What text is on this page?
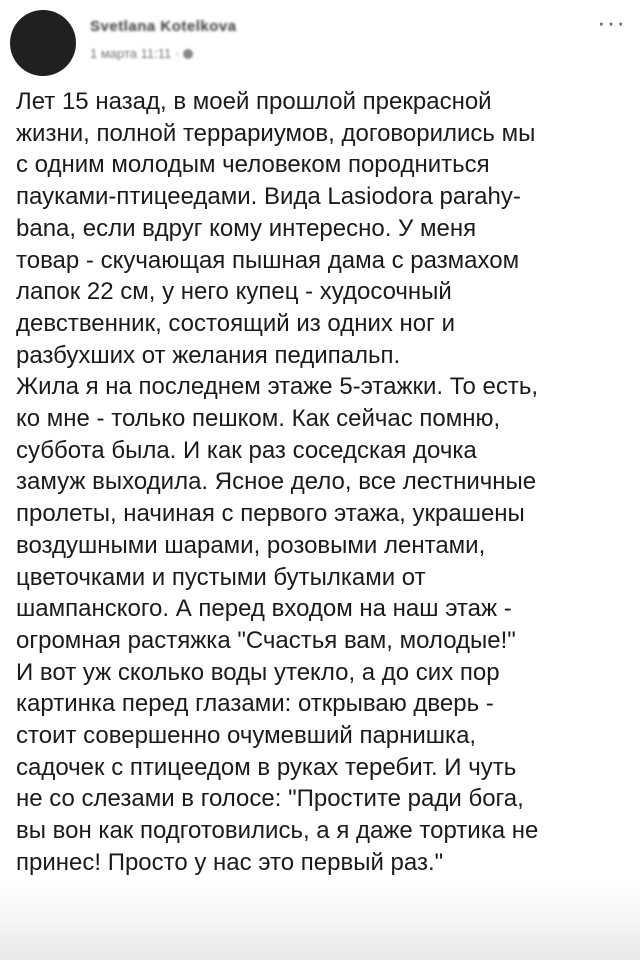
Svetlana Kotelkova
1 марта 11:11 ·
···
Лет 15 назад, в моей прошлой прекрасной
жизни, полной террариумов, договорились мы
с одним молодым человеком породниться
пауками-птицеедами. Вида Lasiodora parahy-
bana, если вдруг кому интересно. У меня
товар - скучающая пышная дама с размахом
лапок 22 см, у него купец - худосочный
девственник, состоящий из одних ног и
разбухших от желания педипальп.
Жила я на последнем этаже 5-этажки. То есть,
ко мне - только пешком. Как сейчас помню,
суббота была. И как раз соседская дочка
замуж выходила. Ясное дело, все лестничные
пролеты, начиная с первого этажа, украшены
воздушными шарами, розовыми лентами,
цветочками и пустыми бутылками от
шампанского. А перед входом на наш этаж -
огромная растяжка "Счастья вам, молодые!"
И вот уж сколько воды утекло, а до сих пор
картинка перед глазами: открываю дверь -
стоит совершенно очумевший парнишка,
садочек с птицеедом в руках теребит. И чуть
не со слезами в голосе: "Простите ради бога,
вы вон как подготовились, а я даже тортика не
принес! Просто у нас это первый раз."
